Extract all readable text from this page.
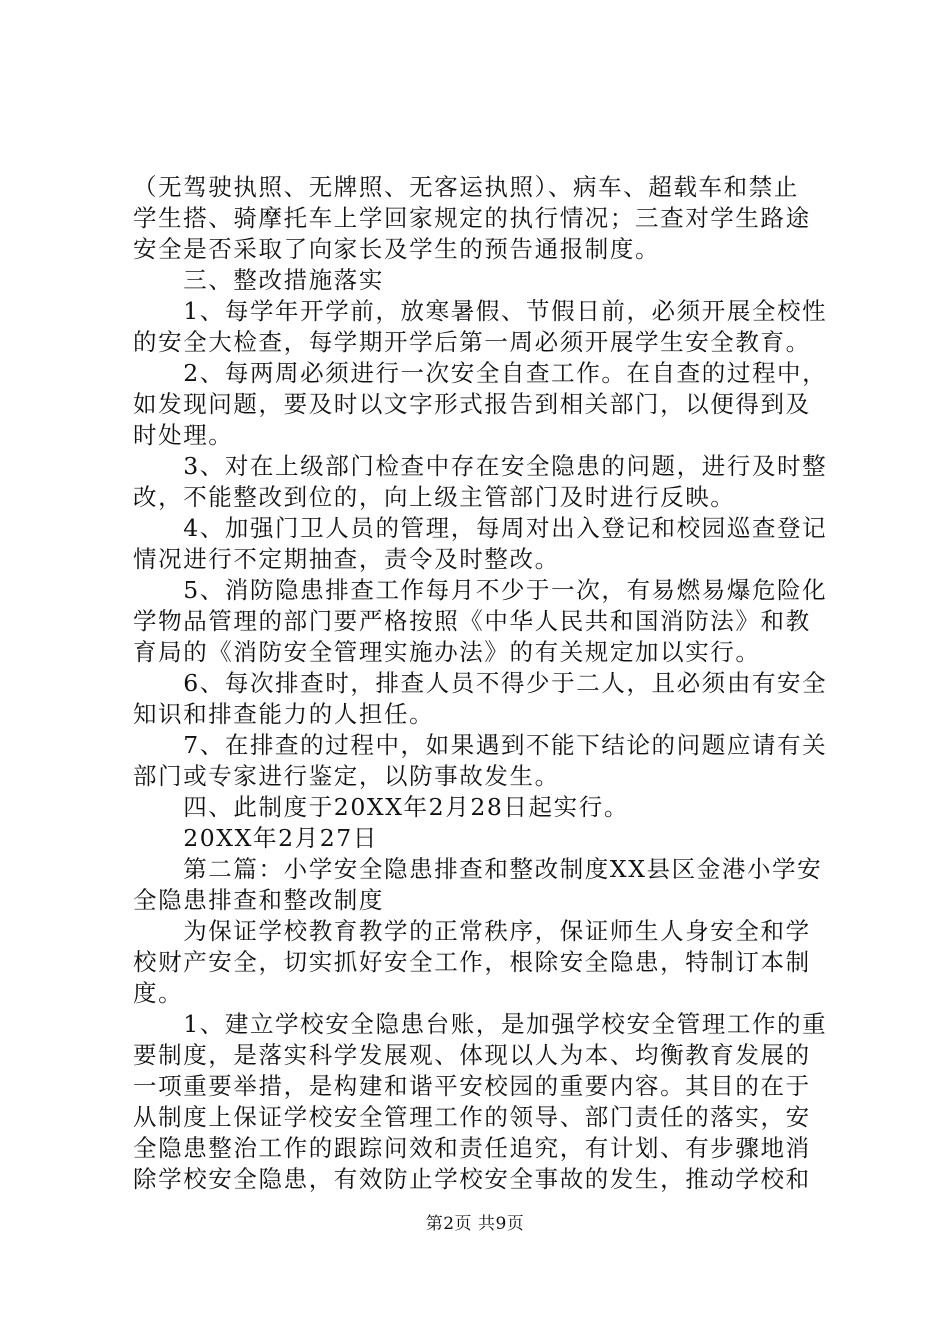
（无驾驶执照、无牌照、无客运执照）、病车、超载车和禁止
学生搭、骑摩托车上学回家规定的执行情况；三查对学生路途
安全是否采取了向家长及学生的预告通报制度。
　　三、整改措施落实
　　1、每学年开学前，放寒暑假、节假日前，必须开展全校性
的安全大检查，每学期开学后第一周必须开展学生安全教育。
　　2、每两周必须进行一次安全自查工作。在自查的过程中，
如发现问题，要及时以文字形式报告到相关部门，以便得到及
时处理。
　　3、对在上级部门检查中存在安全隐患的问题，进行及时整
改，不能整改到位的，向上级主管部门及时进行反映。
　　4、加强门卫人员的管理，每周对出入登记和校园巡查登记
情况进行不定期抽查，责令及时整改。
　　5、消防隐患排查工作每月不少于一次，有易燃易爆危险化
学物品管理的部门要严格按照《中华人民共和国消防法》和教
育局的《消防安全管理实施办法》的有关规定加以实行。
　　6、每次排查时，排查人员不得少于二人，且必须由有安全
知识和排查能力的人担任。
　　7、在排查的过程中，如果遇到不能下结论的问题应请有关
部门或专家进行鉴定，以防事故发生。
　　四、此制度于20XX年2月28日起实行。
　　20XX年2月27日
　　第二篇：小学安全隐患排查和整改制度XX县区金港小学安
全隐患排查和整改制度
　　为保证学校教育教学的正常秩序，保证师生人身安全和学
校财产安全，切实抓好安全工作，根除安全隐患，特制订本制
度。
　　1、建立学校安全隐患台账，是加强学校安全管理工作的重
要制度，是落实科学发展观、体现以人为本、均衡教育发展的
一项重要举措，是构建和谐平安校园的重要内容。其目的在于
从制度上保证学校安全管理工作的领导、部门责任的落实，安
全隐患整治工作的跟踪问效和责任追究，有计划、有步骤地消
除学校安全隐患，有效防止学校安全事故的发生，推动学校和
第2页 共9页
